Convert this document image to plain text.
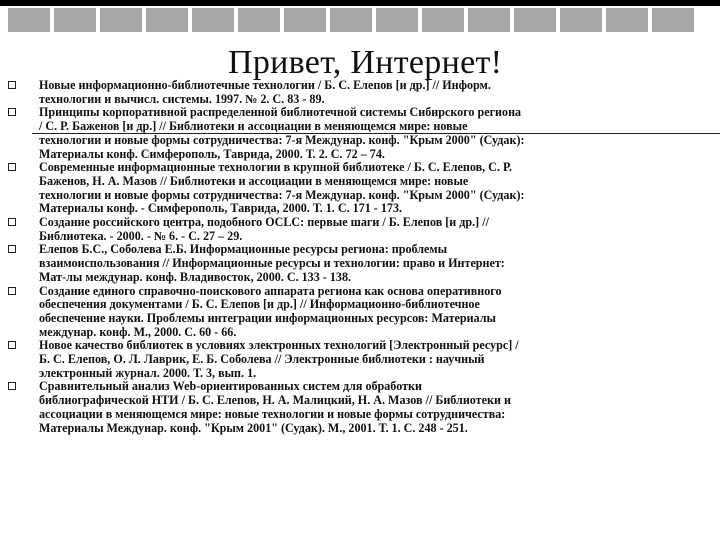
Привет, Интернет!
Новые информационно-библиотечные технологии / Б. С. Елепов [и др.] // Информ. технологии и вычисл. системы. 1997. № 2. С. 83 - 89.
Принципы корпоративной распределенной библиотечной системы Сибирского региона / С. Р. Баженов [и др.] // Библиотеки и ассоциации в меняющемся мире: новые технологии и новые формы сотрудничества: 7-я Междунар. конф. "Крым 2000" (Судак): Материалы конф. Симферополь, Таврида, 2000. Т. 2. С. 72 – 74.
Современные информационные технологии в крупной библиотеке / Б. С. Елепов, С. Р. Баженов, Н. А. Мазов // Библиотеки и ассоциации в меняющемся мире: новые технологии и новые формы сотрудничества: 7-я Междунар. конф. "Крым 2000" (Судак): Материалы конф. - Симферополь, Таврида, 2000. Т. 1. С. 171 - 173.
Создание российского центра, подобного OCLC: первые шаги / Б. Елепов [и др.] // Библиотека. - 2000. - № 6. - С. 27 – 29.
Елепов Б.С., Соболева Е.Б. Информационные ресурсы региона: проблемы взаимоиспользования // Информационные ресурсы и технологии: право и Интернет: Мат-лы междунар. конф. Владивосток, 2000. С. 133 - 138.
Создание единого справочно-поискового аппарата региона как основа оперативного обеспечения документами / Б. С. Елепов [и др.] // Информационно-библиотечное обеспечение науки. Проблемы интеграции информационных ресурсов: Материалы междунар. конф. М., 2000. С. 60 - 66.
Новое качество библиотек в условиях электронных технологий [Электронный ресурс] / Б. С. Елепов, О. Л. Лаврик, Е. Б. Соболева // Электронные библиотеки : научный электронный журнал. 2000. Т. 3, вып. 1.
Сравнительный анализ Web-ориентированных систем для обработки библиографической НТИ / Б. С. Елепов, Н. А. Малицкий, Н. А. Мазов // Библиотеки и ассоциации в меняющемся мире: новые технологии и новые формы сотрудничества: Материалы Междунар. конф. "Крым 2001" (Судак). М., 2001. Т. 1. С. 248 - 251.
